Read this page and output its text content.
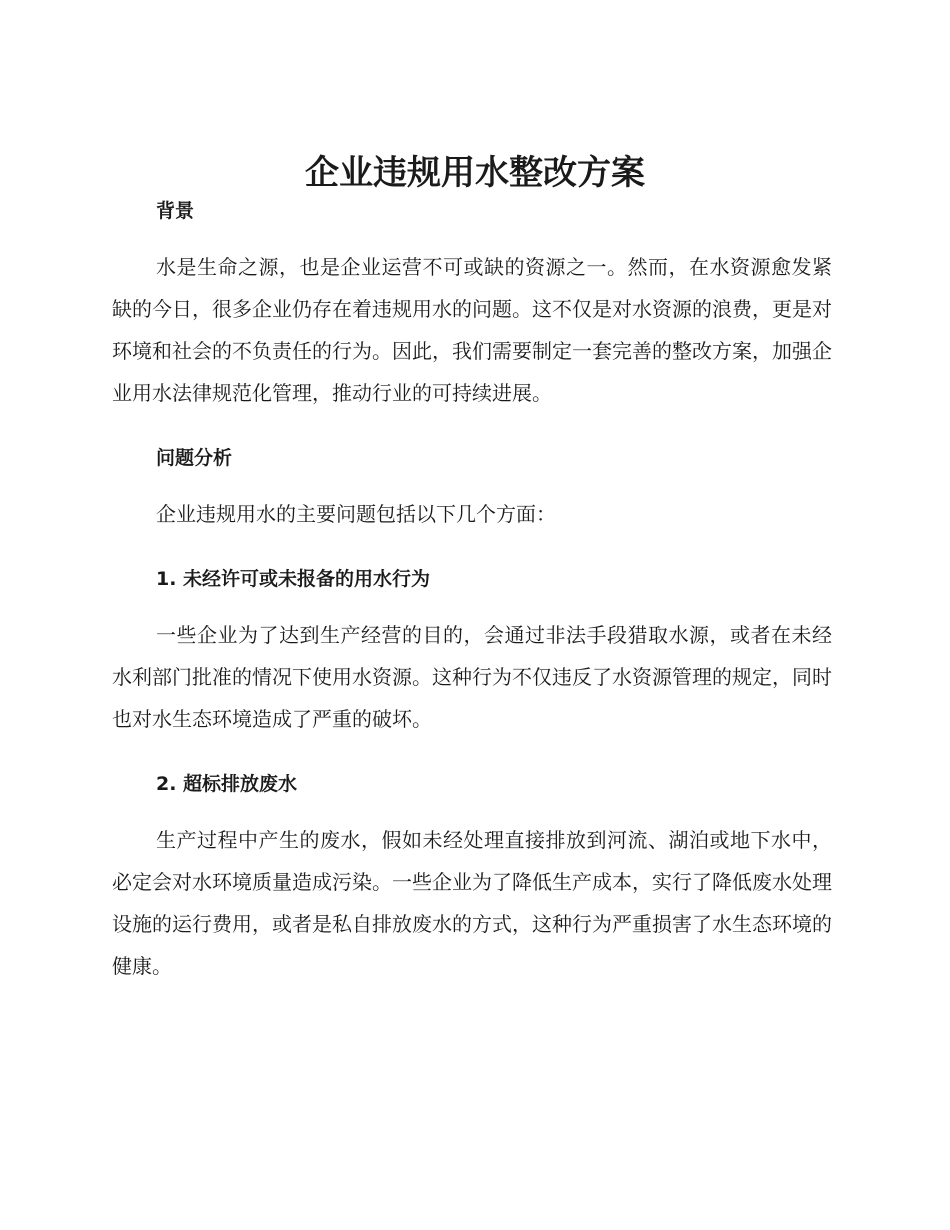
企业违规用水整改方案
背景

水是生命之源，也是企业运营不可或缺的资源之一。然而，在水资源愈发紧缺的今日，很多企业仍存在着违规用水的问题。这不仅是对水资源的浪费，更是对环境和社会的不负责任的行为。因此，我们需要制定一套完善的整改方案，加强企业用水法律规范化管理，推动行业的可持续进展。

问题分析

企业违规用水的主要问题包括以下几个方面：

1. 未经许可或未报备的用水行为

一些企业为了达到生产经营的目的，会通过非法手段猎取水源，或者在未经水利部门批准的情况下使用水资源。这种行为不仅违反了水资源管理的规定，同时也对水生态环境造成了严重的破坏。

2. 超标排放废水

生产过程中产生的废水，假如未经处理直接排放到河流、湖泊或地下水中，必定会对水环境质量造成污染。一些企业为了降低生产成本，实行了降低废水处理设施的运行费用，或者是私自排放废水的方式，这种行为严重损害了水生态环境的健康。
